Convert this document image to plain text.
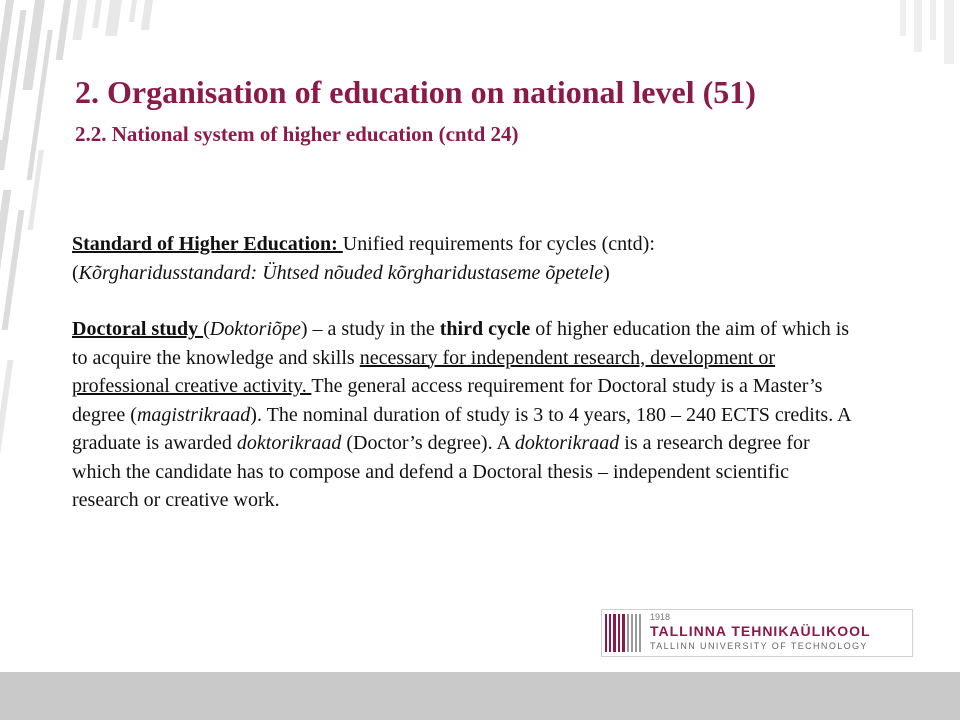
2. Organisation of education on national level (51)
2.2. National system of higher education (cntd 24)

Standard of Higher Education: Unified requirements for cycles (cntd):

(Kõrgharidusstandard: Ühtsed nõuded kõrgharidustaseme õpetele)

Doctoral study (Doktoriõpe) – a study in the third cycle of higher education the aim of which is to acquire the knowledge and skills necessary for independent research, development or professional creative activity. The general access requirement for Doctoral study is a Master’s degree (magistrikraad). The nominal duration of study is 3 to 4 years, 180 – 240 ECTS credits. A graduate is awarded doktorikraad (Doctor’s degree). A doktorikraad is a research degree for which the candidate has to compose and defend a Doctoral thesis – independent scientific research or creative work.

1918
TALLINNA TEHNIKAÜLIKOOL
TALLINN UNIVERSITY OF TECHNOLOGY
